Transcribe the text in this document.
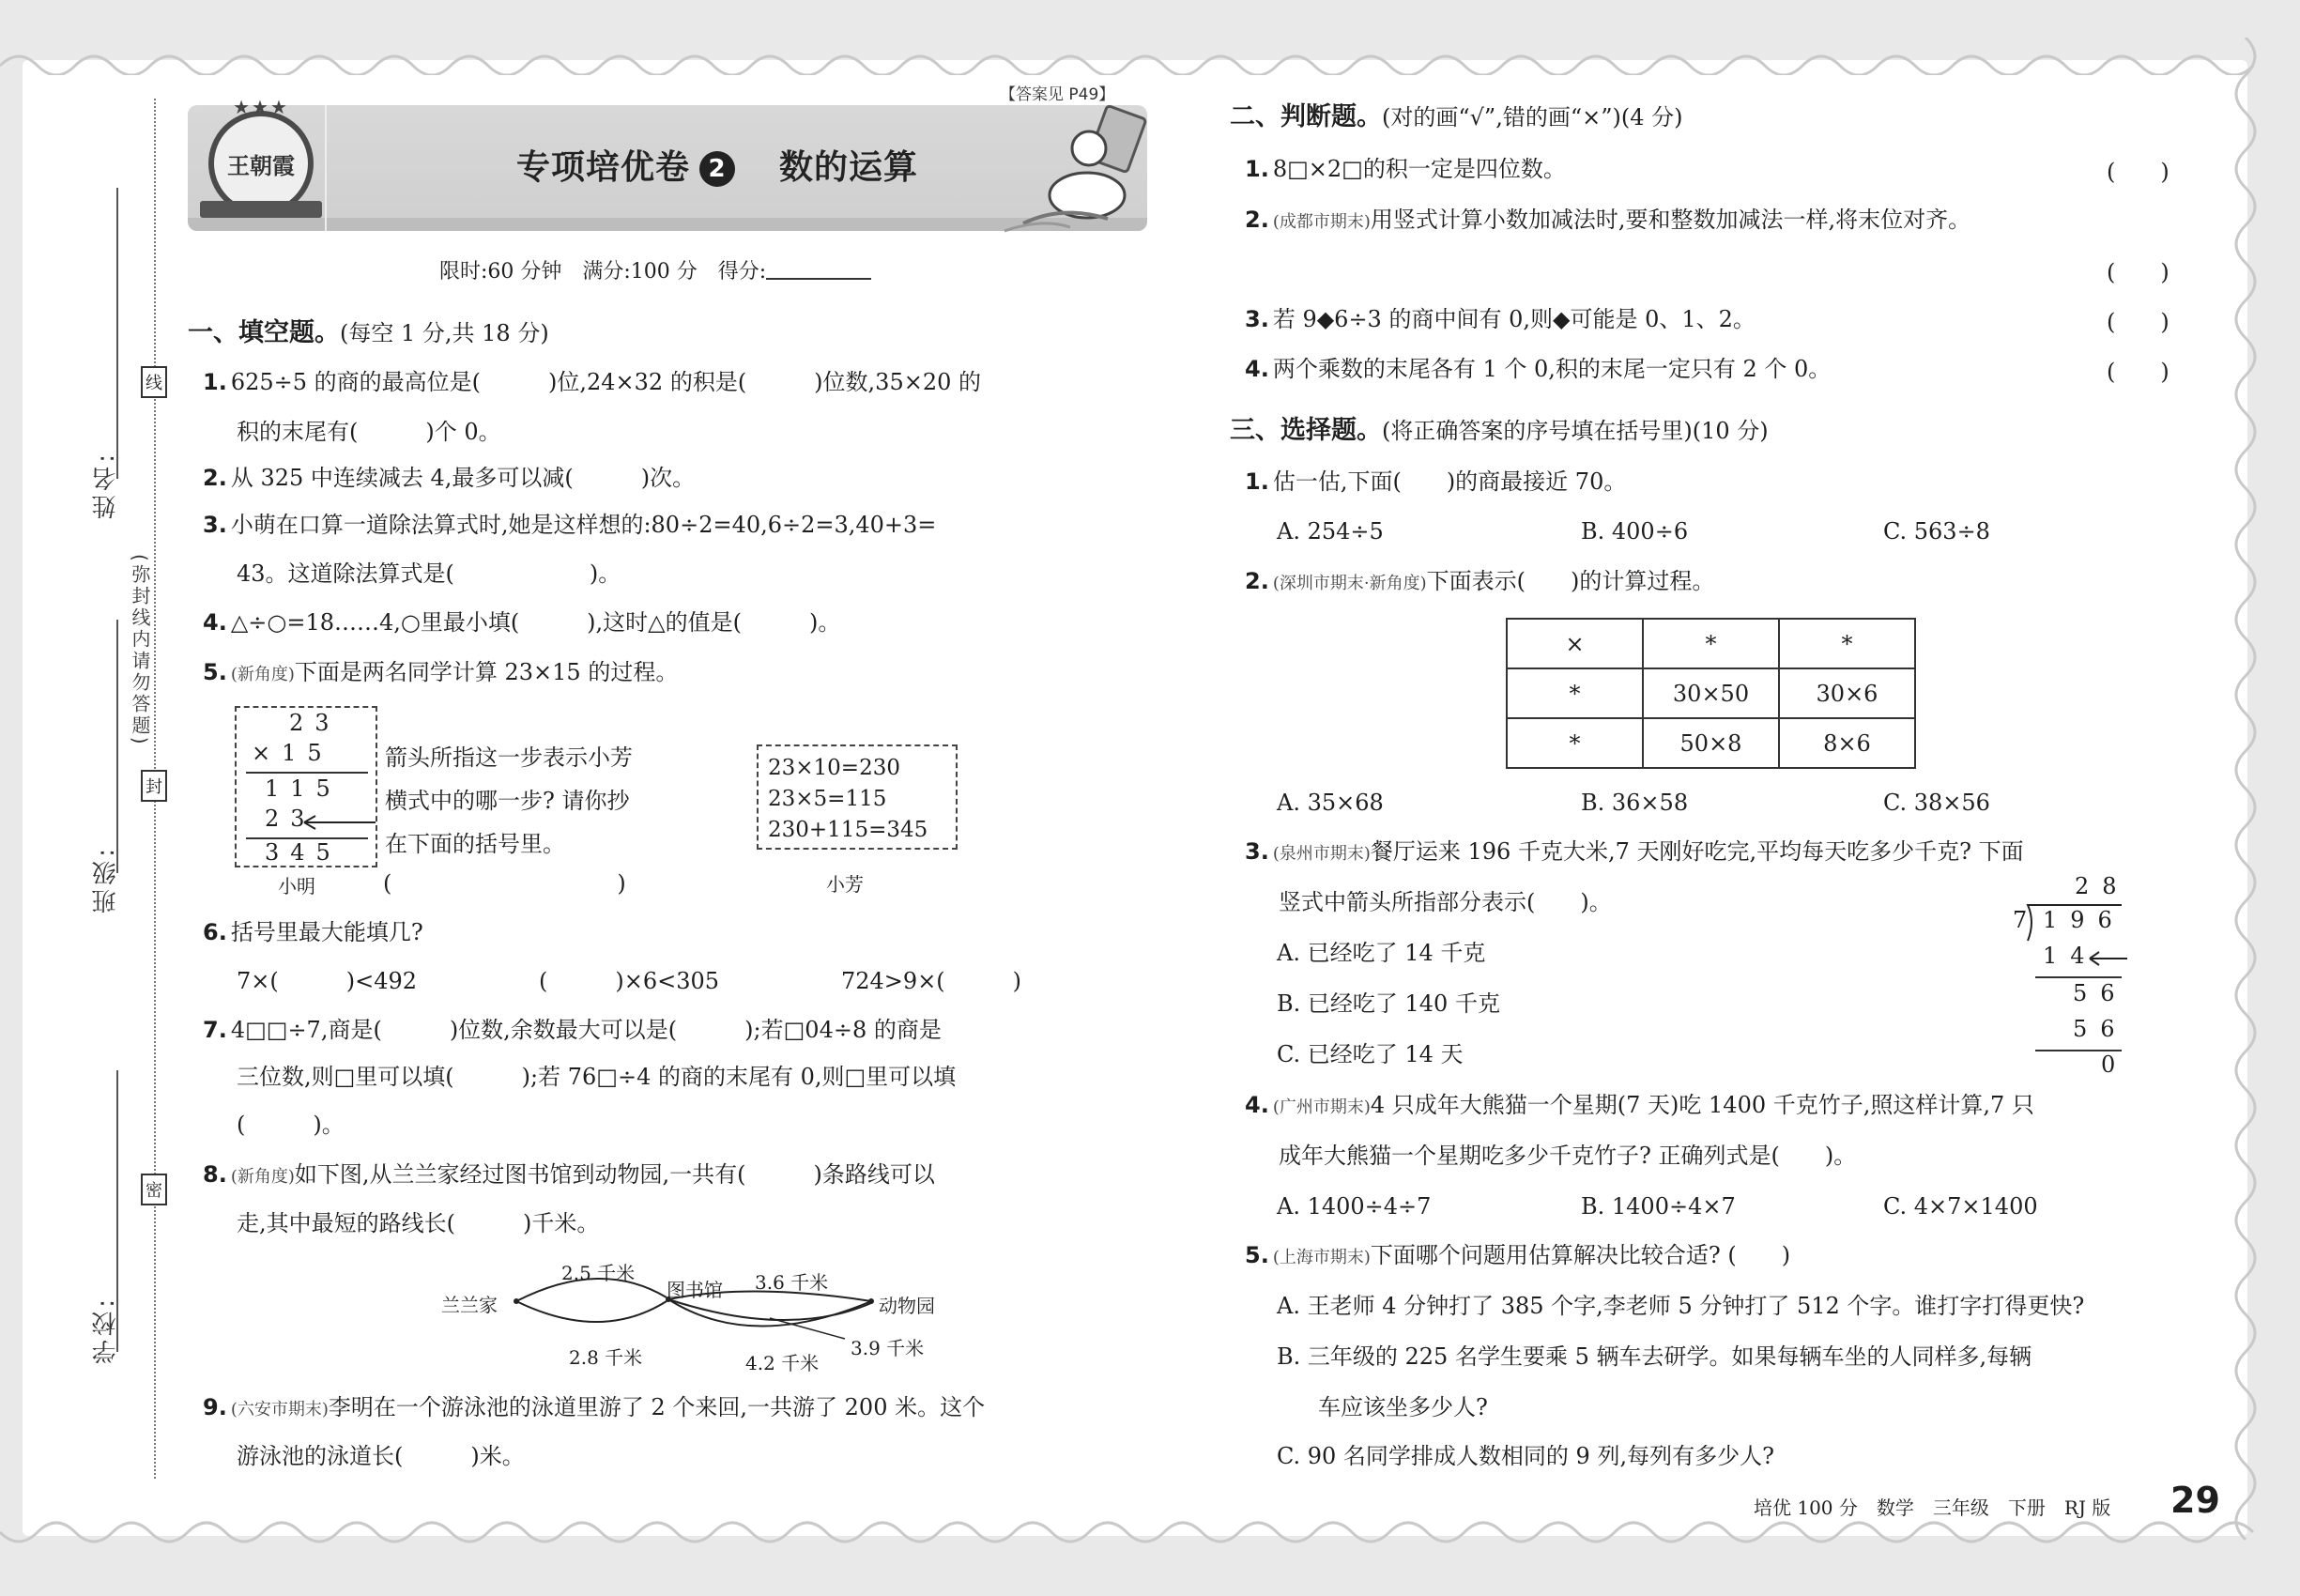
姓名:
班级:
学校:
线
封
密
(弥封线内请勿答题)
★★★
王朝霞
【答案见 P49】
专项培优卷 2　 数的运算
限时:60 分钟　满分:100 分　得分:
一、填空题。(每空 1 分,共 18 分)
1. 625÷5 的商的最高位是(　　　)位,24×32 的积是(　　　)位数,35×20 的
积的末尾有(　　　)个 0。
2. 从 325 中连续减去 4,最多可以减(　　　)次。
3. 小萌在口算一道除法算式时,她是这样想的:80÷2=40,6÷2=3,40+3=
43。这道除法算式是(　　　　　　)。
4. △÷○=18……4,○里最小填(　　　),这时△的值是(　　　)。
5. (新角度)下面是两名同学计算 23×15 的过程。
23
×15
115
23
345
小明
箭头所指这一步表示小芳
横式中的哪一步? 请你抄
在下面的括号里。
(　　　　　　　　　　)
23×10=230
23×5=115
230+115=345
小芳
6. 括号里最大能填几?
7×(　　　)<492	(　　　)×6<305	724>9×(　　　)
7. 4□□÷7,商是(　　　)位数,余数最大可以是(　　　);若□04÷8 的商是
三位数,则□里可以填(　　　);若 76□÷4 的商的末尾有 0,则□里可以填
(　　　)。
8. (新角度)如下图,从兰兰家经过图书馆到动物园,一共有(　　　)条路线可以
走,其中最短的路线长(　　　)千米。
兰兰家
图书馆
动物园
2.5 千米
2.8 千米
3.6 千米
4.2 千米
3.9 千米
9. (六安市期末)李明在一个游泳池的泳道里游了 2 个来回,一共游了 200 米。这个
游泳池的泳道长(　　　)米。
二、判断题。(对的画“√”,错的画“×”)(4 分)
1. 8□×2□的积一定是四位数。	(　　)
2. (成都市期末)用竖式计算小数加减法时,要和整数加减法一样,将末位对齐。
(　　)
3. 若 9◆6÷3 的商中间有 0,则◆可能是 0、1、2。	(　　)
4. 两个乘数的末尾各有 1 个 0,积的末尾一定只有 2 个 0。	(　　)
三、选择题。(将正确答案的序号填在括号里)(10 分)
1. 估一估,下面(　　)的商最接近 70。
A. 254÷5	B. 400÷6	C. 563÷8
2. (深圳市期末·新角度)下面表示(　　)的计算过程。
×	*	*
*	30×50	30×6
*	50×8	8×6
A. 35×68	B. 36×58	C. 38×56
3. (泉州市期末)餐厅运来 196 千克大米,7 天刚好吃完,平均每天吃多少千克? 下面
竖式中箭头所指部分表示(　　)。
A. 已经吃了 14 千克
B. 已经吃了 140 千克
C. 已经吃了 14 天
28
7 196
14
56
56
0
4. (广州市期末)4 只成年大熊猫一个星期(7 天)吃 1400 千克竹子,照这样计算,7 只
成年大熊猫一个星期吃多少千克竹子? 正确列式是(　　)。
A. 1400÷4÷7	B. 1400÷4×7	C. 4×7×1400
5. (上海市期末)下面哪个问题用估算解决比较合适? (　　)
A. 王老师 4 分钟打了 385 个字,李老师 5 分钟打了 512 个字。谁打字打得更快?
B. 三年级的 225 名学生要乘 5 辆车去研学。如果每辆车坐的人同样多,每辆
车应该坐多少人?
C. 90 名同学排成人数相同的 9 列,每列有多少人?
培优 100 分　数学　三年级　下册　RJ 版 29
